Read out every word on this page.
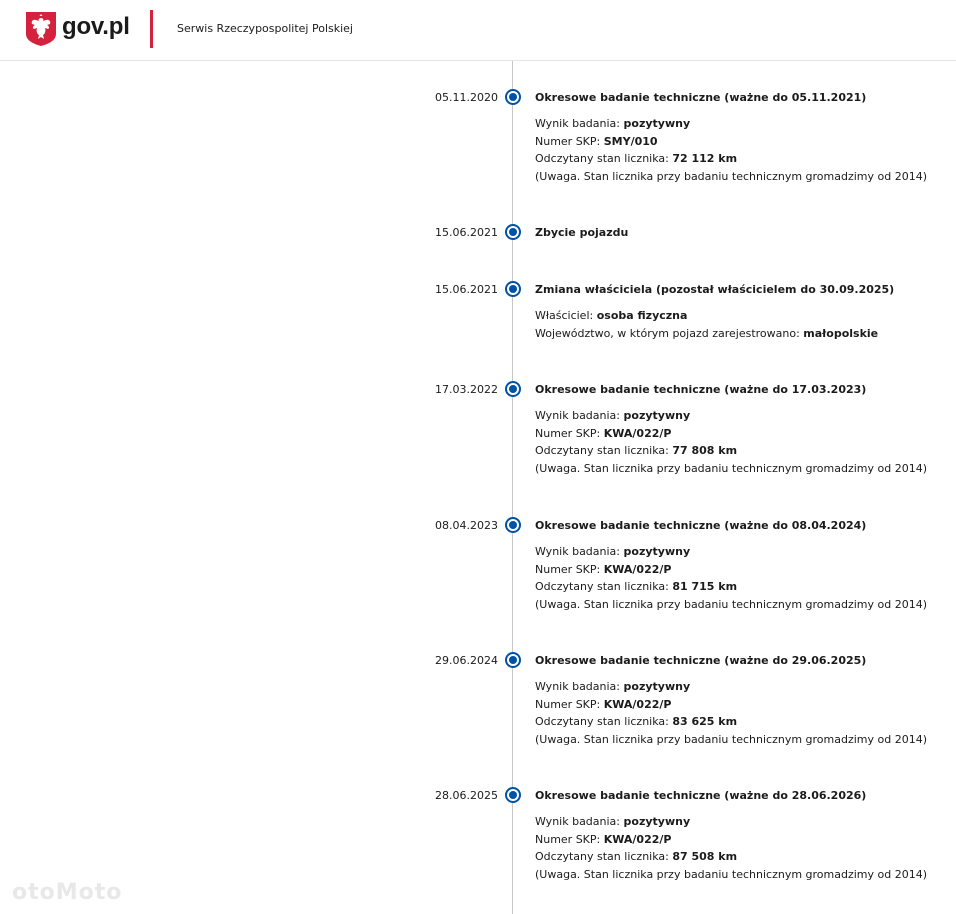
gov.pl	Serwis Rzeczypospolitej Polskiej
05.11.2020	Okresowe badanie techniczne (ważne do 05.11.2021)
Wynik badania: pozytywny
Numer SKP: SMY/010
Odczytany stan licznika: 72 112 km
(Uwaga. Stan licznika przy badaniu technicznym gromadzimy od 2014)
15.06.2021	Zbycie pojazdu
15.06.2021	Zmiana właściciela (pozostał właścicielem do 30.09.2025)
Właściciel: osoba fizyczna
Województwo, w którym pojazd zarejestrowano: małopolskie
17.03.2022	Okresowe badanie techniczne (ważne do 17.03.2023)
Wynik badania: pozytywny
Numer SKP: KWA/022/P
Odczytany stan licznika: 77 808 km
(Uwaga. Stan licznika przy badaniu technicznym gromadzimy od 2014)
08.04.2023	Okresowe badanie techniczne (ważne do 08.04.2024)
Wynik badania: pozytywny
Numer SKP: KWA/022/P
Odczytany stan licznika: 81 715 km
(Uwaga. Stan licznika przy badaniu technicznym gromadzimy od 2014)
29.06.2024	Okresowe badanie techniczne (ważne do 29.06.2025)
Wynik badania: pozytywny
Numer SKP: KWA/022/P
Odczytany stan licznika: 83 625 km
(Uwaga. Stan licznika przy badaniu technicznym gromadzimy od 2014)
28.06.2025	Okresowe badanie techniczne (ważne do 28.06.2026)
Wynik badania: pozytywny
Numer SKP: KWA/022/P
Odczytany stan licznika: 87 508 km
(Uwaga. Stan licznika przy badaniu technicznym gromadzimy od 2014)
otoMoto
